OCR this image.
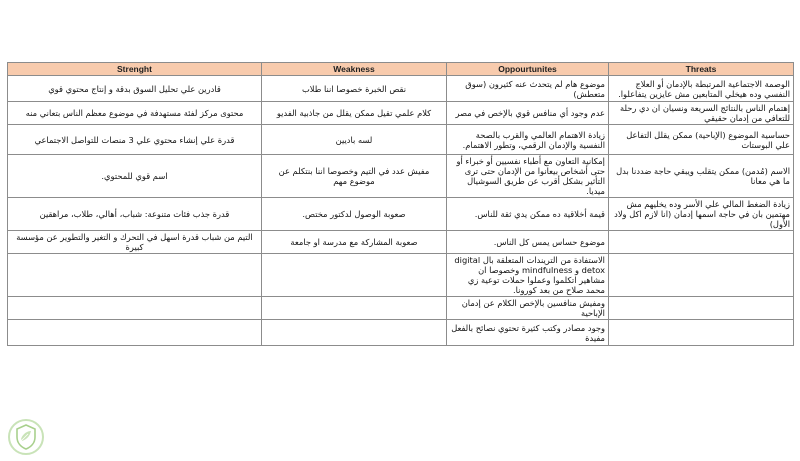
Strenght	Weakness	Oppourtunites	Threats
قادرين علي تحليل السوق بدقة و إنتاج محتوي قوي	نقص الخبرة خصوصا اننا طلاب	موضوع هام لم يتحدث عنه كثيرون (سوق متعطش)	الوصمة الاجتماعية المرتبطة بالإدمان أو العلاج النفسي وده هيخلي المتابعين مش عايزين يتفاعلوا.
محتوى مركز لفئة مستهدفة في موضوع معظم الناس بتعاني منه	كلام علمي تقيل ممكن يقلل من جاذبية الفديو	عدم وجود أي منافس قوي بالإخص في مصر	إهتمام الناس بالنتائج السريعة ونسيان ان دي رحلة للتعافي من إدمان حقيقي
قدرة علي إنشاء محتوي علي 3 منصات للتواصل الاجتماعي	لسه باديين	زيادة الاهتمام العالمي والقرب بالصحة النفسية والإدمان الرقمي، وتطور الاهتمام.	حساسية الموضوع (الإباحية) ممكن يقلل التفاعل علي البوستات
اسم قوي للمحتوي.	مفيش عدد في التيم وخصوصا اننا بنتكلم عن موضوع مهم	إمكانية التعاون مع أطباء نفسيين أو خبراء أو حتى أشخاص بيعانوا من الإدمان حتى ترى التأثير بشكل أقرب عن طريق السوشيال ميديا.	الاسم (مُدمن) ممكن يتقلب ويبقي حاجة ضددنا بدل ما هي معانا
قدرة جذب فئات متنوعة: شباب، أهالي، طلاب، مراهقين	صعوبة الوصول لدكتور مختص.	قيمة أخلاقية ده ممكن يدي ثقة للناس.	زيادة الضغط المالي علي الأسر وده يخليهم مش مهتمين بان في حاجة اسمها إدمان (انا لازم اكل ولاد الأول)
التيم من شباب قدرة اسهل في التحرك و التغير والتطوير عن مؤسسة كبيرة	صعوبة المشاركة مع مدرسة او جامعة	موضوع حساس يمس كل الناس.	
		الاستفادة من التريندات المتعلقة بال digital detox و mindfulness وخصوصا ان مشاهير اتكلموا وعملوا حملات توعية زي محمد صلاح من بعد كورونا.	
		ومفيش منافسين بالإخص الكلام عن إدمان الإباحية	
		وجود مصادر وكتب كثيرة تحتوي نصائح بالفعل مفيدة	
